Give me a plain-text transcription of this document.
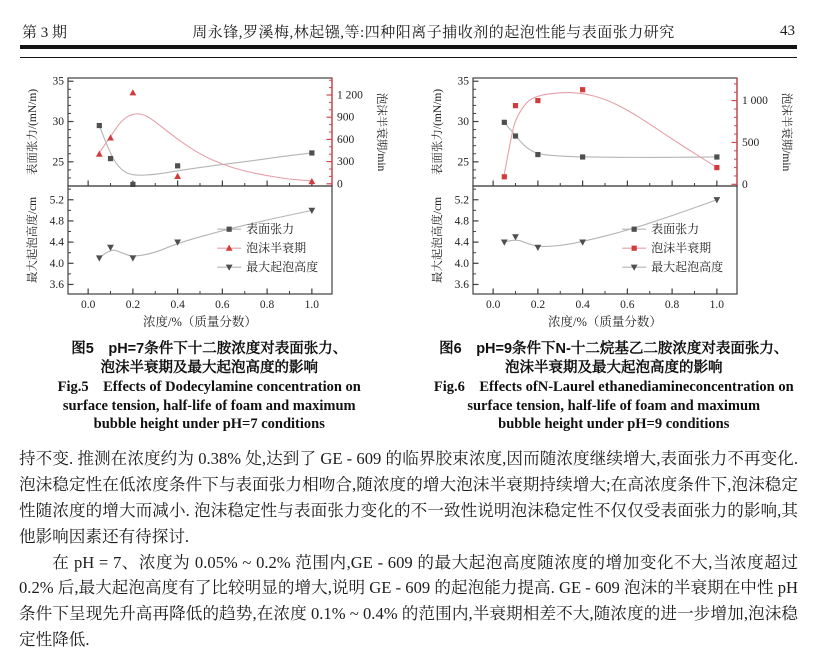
第 3 期	周永锋,罗溪梅,林起镪,等:四种阳离子捕收剂的起泡性能与表面张力研究	43
25
30
35
表面张力/(mN/m)
0
300
600
900
1 200 泡沫半衰期/min
3.6
4.0
4.4
4.8
5.2
最大起泡高度/cm	表面张力
泡沫半衰期
最大起泡高度
0.0	0.2	0.4	0.6	0.8	1.0
浓度/%（质量分数）
图5　pH=7条件下十二胺浓度对表面张力、
泡沫半衰期及最大起泡高度的影响
Fig.5　Effects of Dodecylamine concentration on
surface tension, half-life of foam and maximum
bubble height under pH=7 conditions
25
30
35
表面张力/(mN/m)
0
500
1 000 泡沫半衰期/min
3.6
4.0
4.4
4.8
5.2
最大起泡高度/cm	表面张力
泡沫半衰期
最大起泡高度
0.0	0.2	0.4	0.6	0.8	1.0
浓度/%（质量分数）
图6　pH=9条件下N-十二烷基乙二胺浓度对表面张力、
泡沫半衰期及最大起泡高度的影响
Fig.6　Effects ofN-Laurel ethanediamineconcentration on
surface tension, half-life of foam and maximum
bubble height under pH=9 conditions

持不变. 推测在浓度约为 0.38% 处,达到了 GE - 609 的临界胶束浓度,因而随浓度继续增大,表面张力不再变化. 泡沫稳定性在低浓度条件下与表面张力相吻合,随浓度的增大泡沫半衰期持续增大;在高浓度条件下,泡沫稳定性随浓度的增大而减小. 泡沫稳定性与表面张力变化的不一致性说明泡沫稳定性不仅仅受表面张力的影响,其他影响因素还有待探讨.

在 pH = 7、浓度为 0.05% ~ 0.2% 范围内,GE - 609 的最大起泡高度随浓度的增加变化不大,当浓度超过 0.2% 后,最大起泡高度有了比较明显的增大,说明 GE - 609 的起泡能力提高. GE - 609 泡沫的半衰期在中性 pH 条件下呈现先升高再降低的趋势,在浓度 0.1% ~ 0.4% 的范围内,半衰期相差不大,随浓度的进一步增加,泡沫稳定性降低.
